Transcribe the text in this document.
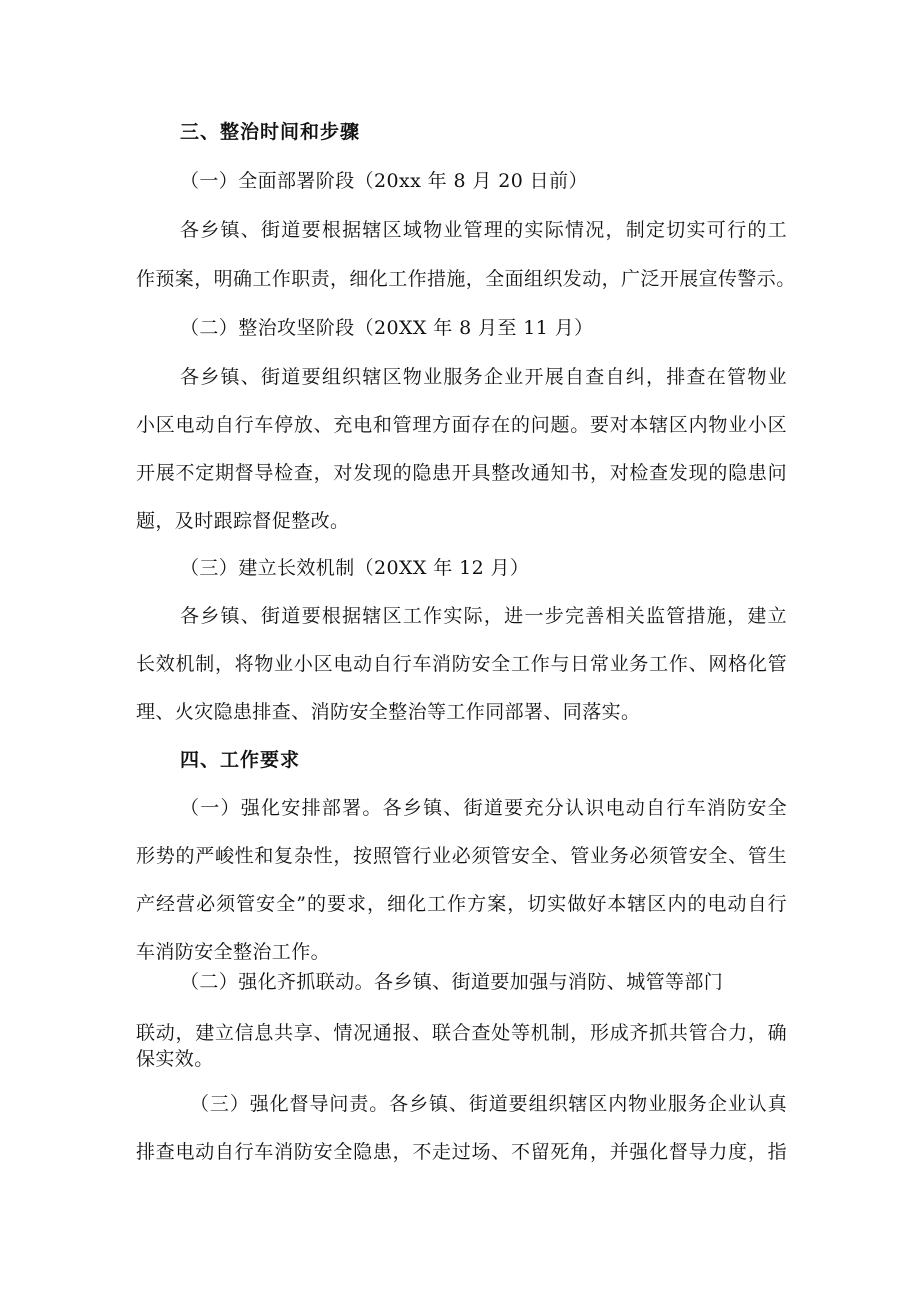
三、整治时间和步骤
（一）全面部署阶段（20xx 年 8 月 20 日前）
各乡镇、街道要根据辖区域物业管理的实际情况，制定切实可行的工
作预案，明确工作职责，细化工作措施，全面组织发动，广泛开展宣传警示。
（二）整治攻坚阶段（20XX 年 8 月至 11 月）
各乡镇、街道要组织辖区物业服务企业开展自查自纠，排查在管物业
小区电动自行车停放、充电和管理方面存在的问题。要对本辖区内物业小区
开展不定期督导检查，对发现的隐患开具整改通知书，对检查发现的隐患问
题，及时跟踪督促整改。
（三）建立长效机制（20XX 年 12 月）
各乡镇、街道要根据辖区工作实际，进一步完善相关监管措施，建立
长效机制，将物业小区电动自行车消防安全工作与日常业务工作、网格化管
理、火灾隐患排查、消防安全整治等工作同部署、同落实。
四、工作要求
（一）强化安排部署。各乡镇、街道要充分认识电动自行车消防安全
形势的严峻性和复杂性，按照管行业必须管安全、管业务必须管安全、管生
产经营必须管安全”的要求，细化工作方案，切实做好本辖区内的电动自行
车消防安全整治工作。
（二）强化齐抓联动。各乡镇、街道要加强与消防、城管等部门
联动，建立信息共享、情况通报、联合查处等机制，形成齐抓共管合力，确
保实效。
（三）强化督导问责。各乡镇、街道要组织辖区内物业服务企业认真
排查电动自行车消防安全隐患，不走过场、不留死角，并强化督导力度，指
